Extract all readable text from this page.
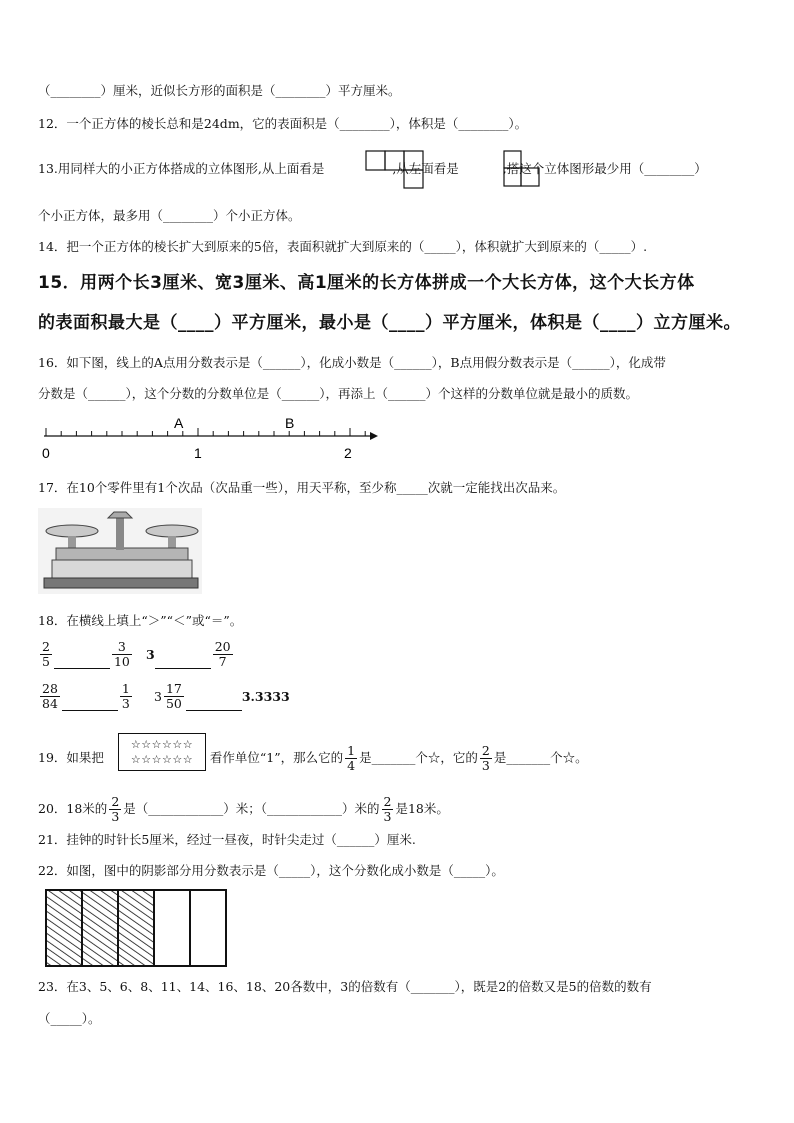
（________）厘米，近似长方形的面积是（________）平方厘米。
12．一个正方体的棱长总和是24dm，它的表面积是（________），体积是（________）。
13.用同样大的小正方体搭成的立体图形,从上面看是	,从左面看是	,搭这个立体图形最少用（________）
个小正方体，最多用（________）个小正方体。
14．把一个正方体的棱长扩大到原来的5倍，表面积就扩大到原来的（_____），体积就扩大到原来的（_____）.
15．用两个长3厘米、宽3厘米、高1厘米的长方体拼成一个大长方体，这个大长方体
的表面积最大是（____）平方厘米，最小是（____）平方厘米，体积是（____）立方厘米。
16．如下图，线上的A点用分数表示是（______），化成小数是（______），B点用假分数表示是（______），化成带
分数是（______），这个分数的分数单位是（______），再添上（______）个这样的分数单位就是最小的质数。
A	B
0	1	2
17．在10个零件里有1个次品（次品重一些），用天平称，至少称_____次就一定能找出次品来。
18．在横线上填上“＞”“＜”或“＝”。
$\frac{2}{5}$	$\frac{3}{10} 3$	$\frac{20}{7}$
$\frac{28}{84}$	$\frac{1}{3} 3 \frac{17}{50}$	3.3333
19．如果把	看作单位“1”，那么它的 $\frac{1}{4}$ 是_______个☆，它的 $\frac{2}{3}$ 是_______个☆。
☆☆☆☆☆☆
☆☆☆☆☆☆
20．18米的 $\frac{2}{3}$ 是（____________）米；（____________）米的 $\frac{2}{3}$ 是18米。
21．挂钟的时针长5厘米，经过一昼夜，时针尖走过（______）厘米.
22．如图，图中的阴影部分用分数表示是（_____），这个分数化成小数是（_____）。
23．在3、5、6、8、11、14、16、18、20各数中，3的倍数有（_______），既是2的倍数又是5的倍数的数有
（_____）。
